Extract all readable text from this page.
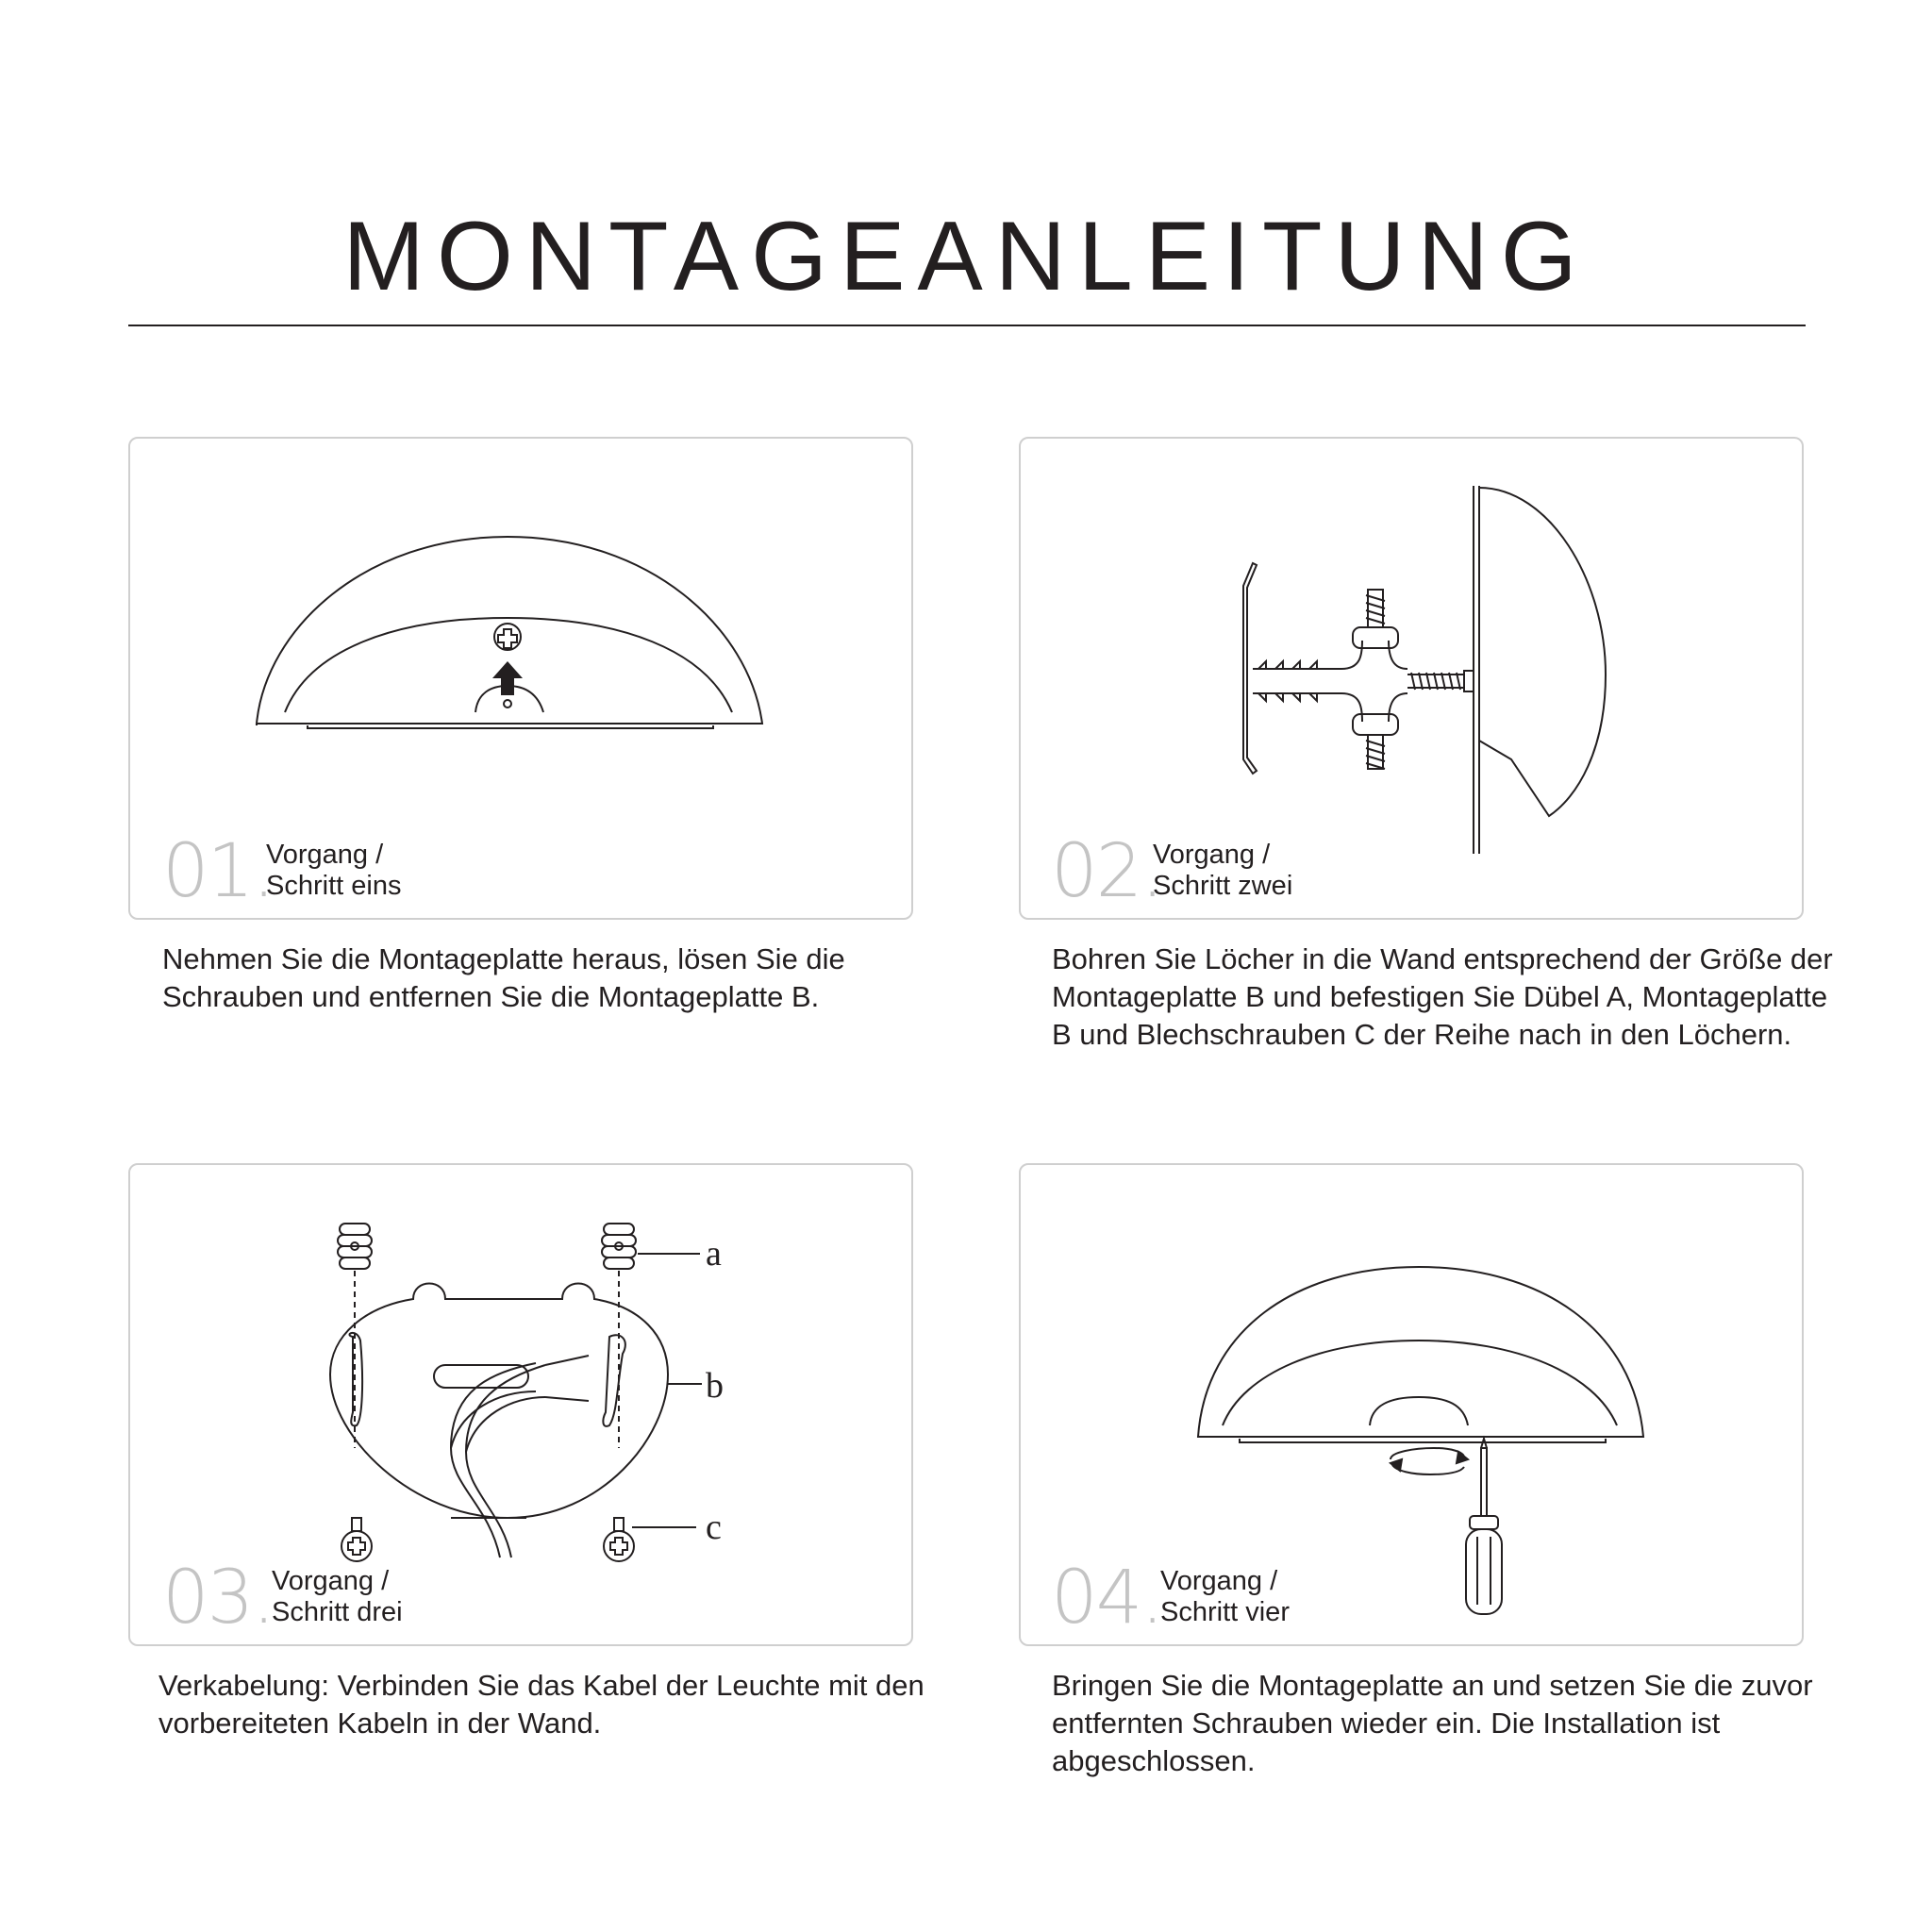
MONTAGEANLEITUNG
01.
Vorgang /
Schritt eins

Nehmen Sie die Montageplatte heraus, lösen Sie die
Schrauben und entfernen Sie die Montageplatte B.

02.
Vorgang /
Schritt zwei

Bohren Sie Löcher in die Wand entsprechend der Größe der
Montageplatte B und befestigen Sie Dübel A, Montageplatte
B und Blechschrauben C der Reihe nach in den Löchern.

a
b
c
03.
Vorgang /
Schritt drei

Verkabelung: Verbinden Sie das Kabel der Leuchte mit den
vorbereiteten Kabeln in der Wand.

04.
Vorgang /
Schritt vier

Bringen Sie die Montageplatte an und setzen Sie die zuvor
entfernten Schrauben wieder ein. Die Installation ist
abgeschlossen.
